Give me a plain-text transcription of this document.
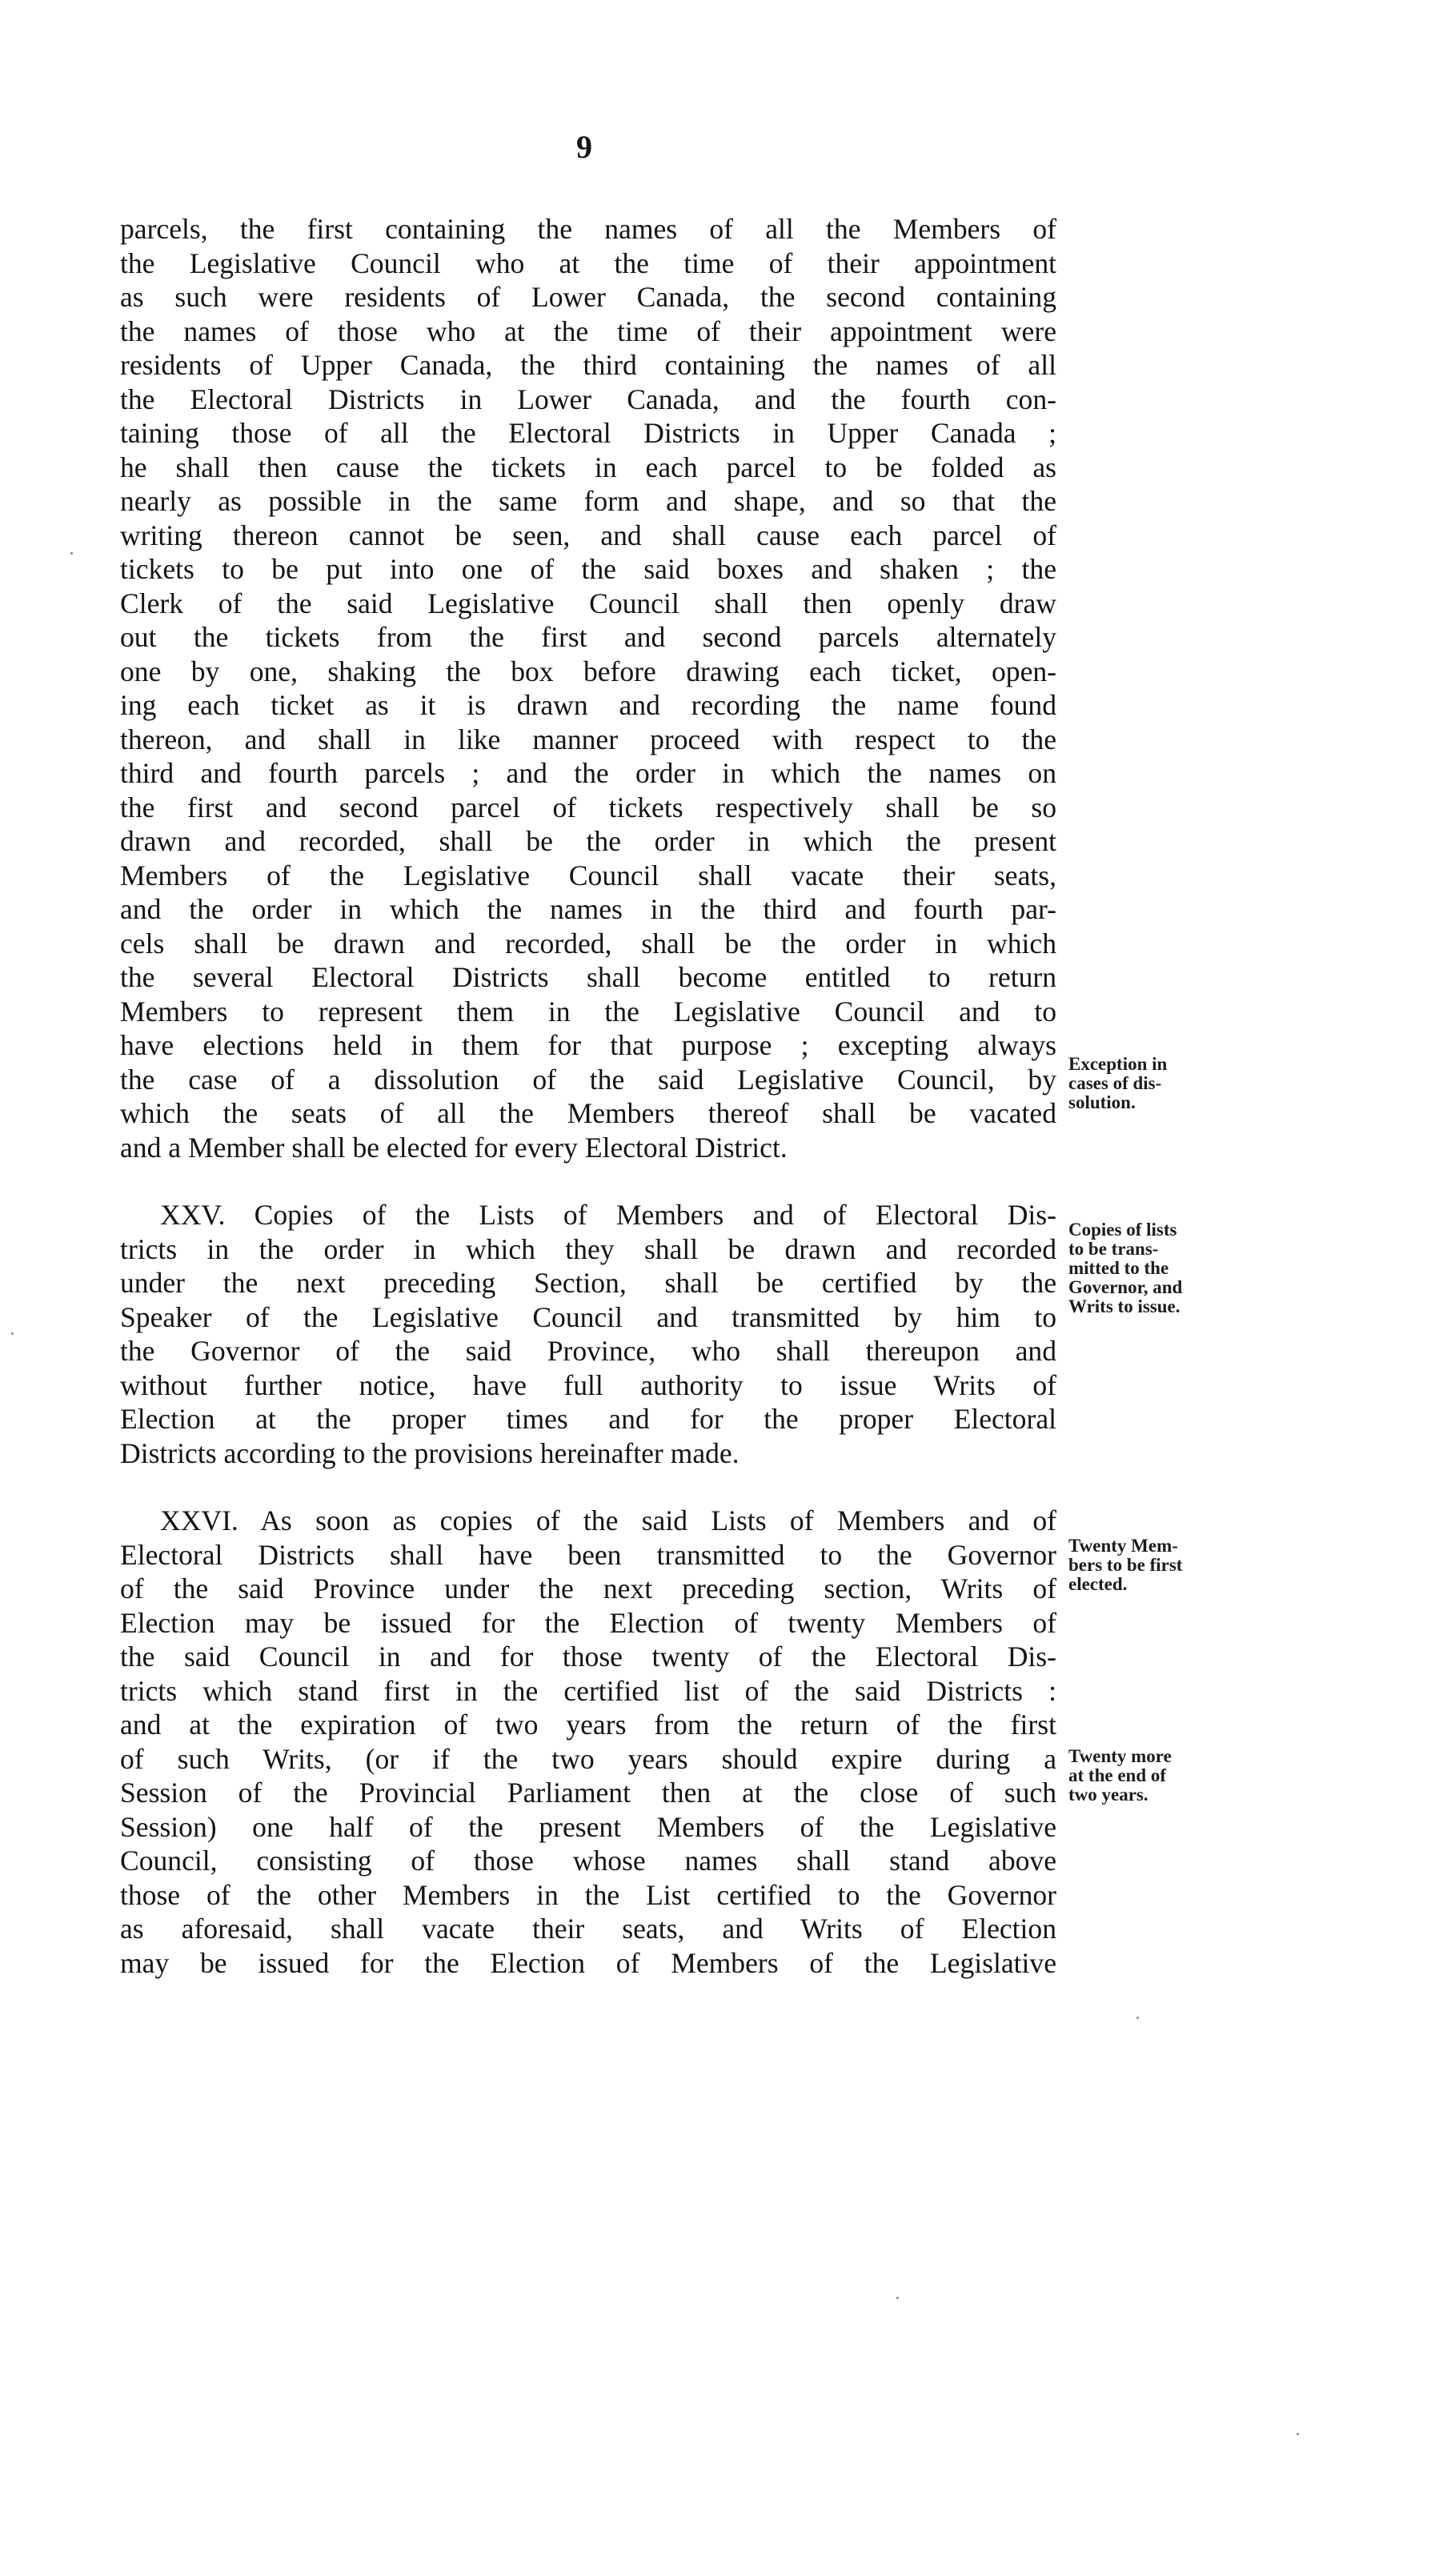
9
parcels, the first containing the names of all the Members of
the Legislative Council who at the time of their appointment
as such were residents of Lower Canada, the second containing
the names of those who at the time of their appointment were
residents of Upper Canada, the third containing the names of all
the Electoral Districts in Lower Canada, and the fourth con-
taining those of all the Electoral Districts in Upper Canada ;
he shall then cause the tickets in each parcel to be folded as
nearly as possible in the same form and shape, and so that the
writing thereon cannot be seen, and shall cause each parcel of
tickets to be put into one of the said boxes and shaken ; the
Clerk of the said Legislative Council shall then openly draw
out the tickets from the first and second parcels alternately
one by one, shaking the box before drawing each ticket, open-
ing each ticket as it is drawn and recording the name found
thereon, and shall in like manner proceed with respect to the
third and fourth parcels ; and the order in which the names on
the first and second parcel of tickets respectively shall be so
drawn and recorded, shall be the order in which the present
Members of the Legislative Council shall vacate their seats,
and the order in which the names in the third and fourth par-
cels shall be drawn and recorded, shall be the order in which
the several Electoral Districts shall become entitled to return
Members to represent them in the Legislative Council and to
have elections held in them for that purpose ; excepting always
the case of a dissolution of the said Legislative Council, by
which the seats of all the Members thereof shall be vacated
and a Member shall be elected for every Electoral District.
XXV. Copies of the Lists of Members and of Electoral Dis-
tricts in the order in which they shall be drawn and recorded
under the next preceding Section, shall be certified by the
Speaker of the Legislative Council and transmitted by him to
the Governor of the said Province, who shall thereupon and
without further notice, have full authority to issue Writs of
Election at the proper times and for the proper Electoral
Districts according to the provisions hereinafter made.
XXVI. As soon as copies of the said Lists of Members and of
Electoral Districts shall have been transmitted to the Governor
of the said Province under the next preceding section, Writs of
Election may be issued for the Election of twenty Members of
the said Council in and for those twenty of the Electoral Dis-
tricts which stand first in the certified list of the said Districts :
and at the expiration of two years from the return of the first
of such Writs, (or if the two years should expire during a
Session of the Provincial Parliament then at the close of such
Session) one half of the present Members of the Legislative
Council, consisting of those whose names shall stand above
those of the other Members in the List certified to the Governor
as aforesaid, shall vacate their seats, and Writs of Election
may be issued for the Election of Members of the Legislative
Exception in
cases of dis-
solution.
Copies of lists
to be trans-
mitted to the
Governor, and
Writs to issue.
Twenty Mem-
bers to be first
elected.
Twenty more
at the end of
two years.
